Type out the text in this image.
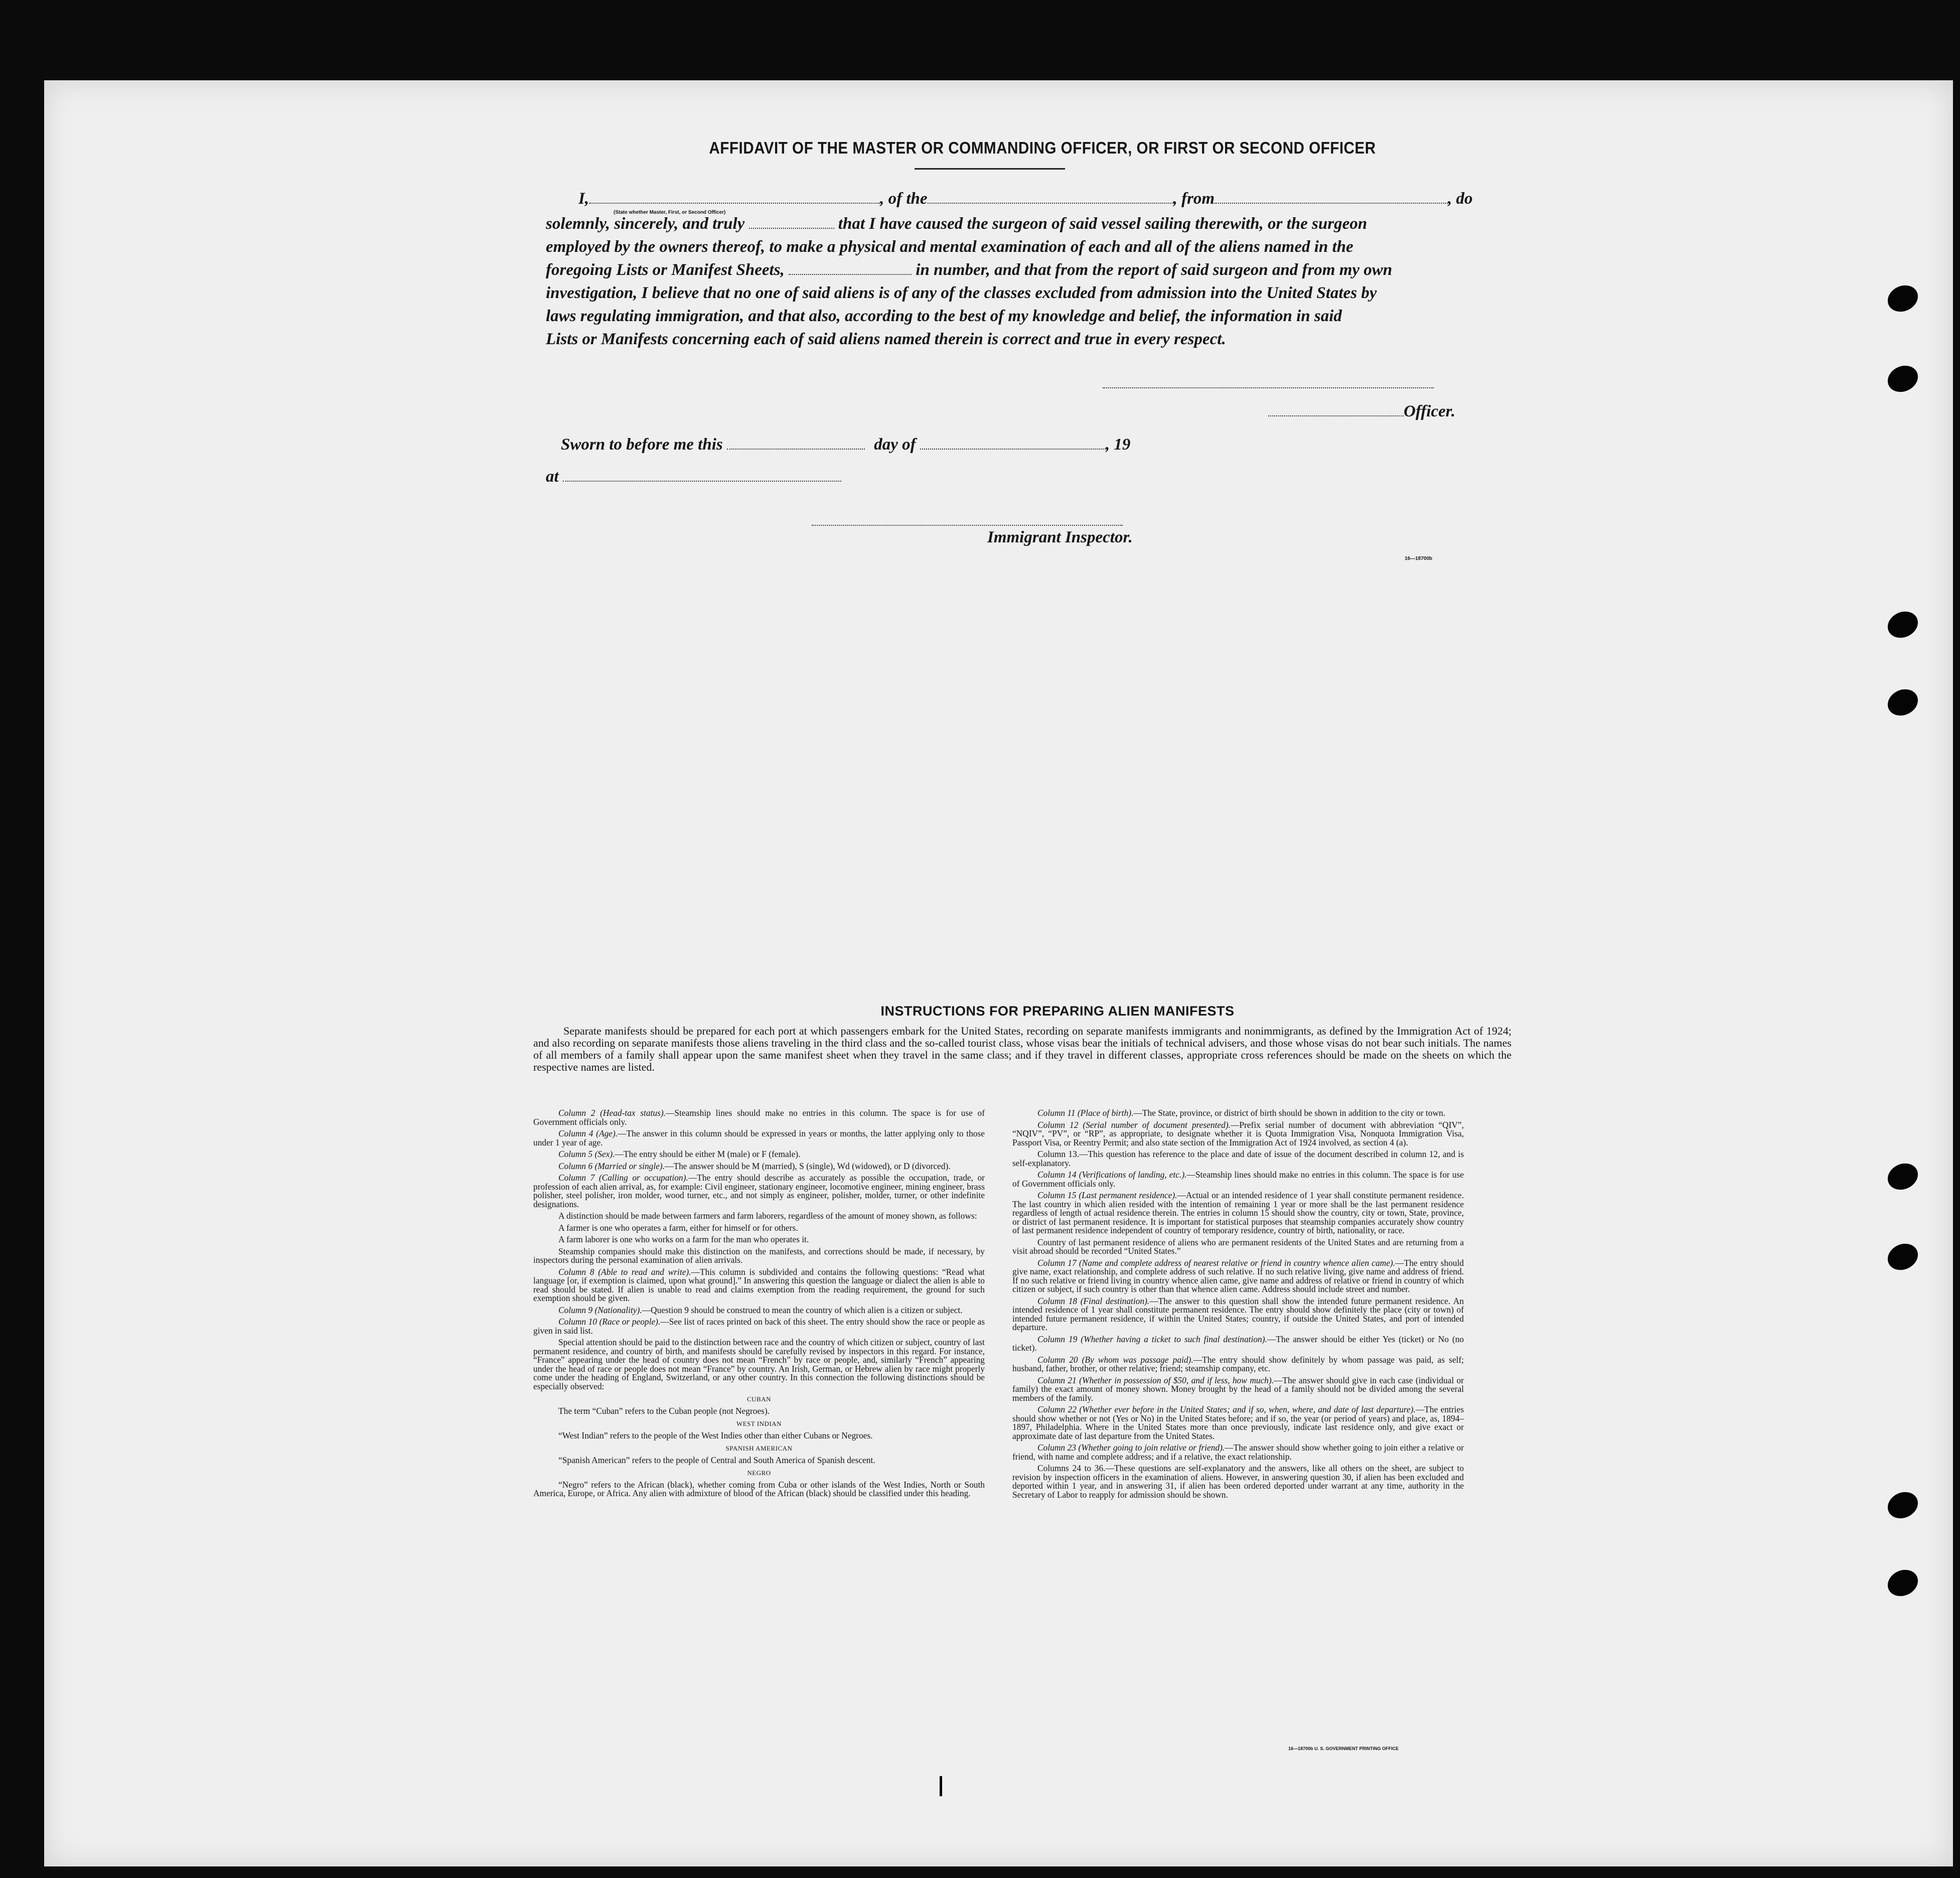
AFFIDAVIT OF THE MASTER OR COMMANDING OFFICER, OR FIRST OR SECOND OFFICER
I,	, of the	, from	, do
(State whether Master, First, or Second Officer)
solemnly, sincerely, and truly	that I have caused the surgeon of said vessel sailing therewith, or the surgeon
employed by the owners thereof, to make a physical and mental examination of each and all of the aliens named in the
foregoing Lists or Manifest Sheets,	in number, and that from the report of said surgeon and from my own
investigation, I believe that no one of said aliens is of any of the classes excluded from admission into the United States by
laws regulating immigration, and that also, according to the best of my knowledge and belief, the information in said
Lists or Manifests concerning each of said aliens named therein is correct and true in every respect.
Officer.
Sworn to before me this	day of	, 19
at
Immigrant Inspector.
16—18700b
INSTRUCTIONS FOR PREPARING ALIEN MANIFESTS
Separate manifests should be prepared for each port at which passengers embark for the United States, recording on separate manifests immigrants and nonimmigrants, as defined by the Immigration Act of 1924; and also recording on separate manifests those aliens traveling in the third class and the so-called tourist class, whose visas bear the initials of technical advisers, and those whose visas do not bear such initials. The names of all members of a family shall appear upon the same manifest sheet when they travel in the same class; and if they travel in different classes, appropriate cross references should be made on the sheets on which the respective names are listed.

Column 2 (Head-tax status).—Steamship lines should make no entries in this column. The space is for use of Government officials only.

Column 4 (Age).—The answer in this column should be expressed in years or months, the latter applying only to those under 1 year of age.

Column 5 (Sex).—The entry should be either M (male) or F (female).

Column 6 (Married or single).—The answer should be M (married), S (single), Wd (widowed), or D (divorced).

Column 7 (Calling or occupation).—The entry should describe as accurately as possible the occupation, trade, or profession of each alien arrival, as, for example: Civil engineer, stationary engineer, locomotive engineer, mining engineer, brass polisher, steel polisher, iron molder, wood turner, etc., and not simply as engineer, polisher, molder, turner, or other indefinite designations.

A distinction should be made between farmers and farm laborers, regardless of the amount of money shown, as follows:

A farmer is one who operates a farm, either for himself or for others.

A farm laborer is one who works on a farm for the man who operates it.

Steamship companies should make this distinction on the manifests, and corrections should be made, if necessary, by inspectors during the personal examination of alien arrivals.

Column 8 (Able to read and write).—This column is subdivided and contains the following questions: “Read what language [or, if exemption is claimed, upon what ground].” In answering this question the language or dialect the alien is able to read should be stated. If alien is unable to read and claims exemption from the reading requirement, the ground for such exemption should be given.

Column 9 (Nationality).—Question 9 should be construed to mean the country of which alien is a citizen or subject.

Column 10 (Race or people).—See list of races printed on back of this sheet. The entry should show the race or people as given in said list.

Special attention should be paid to the distinction between race and the country of which citizen or subject, country of last permanent residence, and country of birth, and manifests should be carefully revised by inspectors in this regard. For instance, “France” appearing under the head of country does not mean “French” by race or people, and, similarly “French” appearing under the head of race or people does not mean “France” by country. An Irish, German, or Hebrew alien by race might properly come under the heading of England, Switzerland, or any other country. In this connection the following distinctions should be especially observed:

CUBAN

The term “Cuban” refers to the Cuban people (not Negroes).

WEST INDIAN

“West Indian” refers to the people of the West Indies other than either Cubans or Negroes.

SPANISH AMERICAN

“Spanish American” refers to the people of Central and South America of Spanish descent.

NEGRO

“Negro” refers to the African (black), whether coming from Cuba or other islands of the West Indies, North or South America, Europe, or Africa. Any alien with admixture of blood of the African (black) should be classified under this heading.

Column 11 (Place of birth).—The State, province, or district of birth should be shown in addition to the city or town.

Column 12 (Serial number of document presented).—Prefix serial number of document with abbreviation “QIV”, “NQIV”, “PV”, or “RP”, as appropriate, to designate whether it is Quota Immigration Visa, Nonquota Immigration Visa, Passport Visa, or Reentry Permit; and also state section of the Immigration Act of 1924 involved, as section 4 (a).

Column 13.—This question has reference to the place and date of issue of the document described in column 12, and is self-explanatory.

Column 14 (Verifications of landing, etc.).—Steamship lines should make no entries in this column. The space is for use of Government officials only.

Column 15 (Last permanent residence).—Actual or an intended residence of 1 year shall constitute permanent residence. The last country in which alien resided with the intention of remaining 1 year or more shall be the last permanent residence regardless of length of actual residence therein. The entries in column 15 should show the country, city or town, State, province, or district of last permanent residence. It is important for statistical purposes that steamship companies accurately show country of last permanent residence independent of country of temporary residence, country of birth, nationality, or race.

Country of last permanent residence of aliens who are permanent residents of the United States and are returning from a visit abroad should be recorded “United States.”

Column 17 (Name and complete address of nearest relative or friend in country whence alien came).—The entry should give name, exact relationship, and complete address of such relative. If no such relative living, give name and address of friend. If no such relative or friend living in country whence alien came, give name and address of relative or friend in country of which citizen or subject, if such country is other than that whence alien came. Address should include street and number.

Column 18 (Final destination).—The answer to this question shall show the intended future permanent residence. An intended residence of 1 year shall constitute permanent residence. The entry should show definitely the place (city or town) of intended future permanent residence, if within the United States; country, if outside the United States, and port of intended departure.

Column 19 (Whether having a ticket to such final destination).—The answer should be either Yes (ticket) or No (no ticket).

Column 20 (By whom was passage paid).—The entry should show definitely by whom passage was paid, as self; husband, father, brother, or other relative; friend; steamship company, etc.

Column 21 (Whether in possession of $50, and if less, how much).—The answer should give in each case (individual or family) the exact amount of money shown. Money brought by the head of a family should not be divided among the several members of the family.

Column 22 (Whether ever before in the United States; and if so, when, where, and date of last departure).—The entries should show whether or not (Yes or No) in the United States before; and if so, the year (or period of years) and place, as, 1894–1897, Philadelphia. Where in the United States more than once previously, indicate last residence only, and give exact or approximate date of last departure from the United States.

Column 23 (Whether going to join relative or friend).—The answer should show whether going to join either a relative or friend, with name and complete address; and if a relative, the exact relationship.

Columns 24 to 36.—These questions are self-explanatory and the answers, like all others on the sheet, are subject to revision by inspection officers in the examination of aliens. However, in answering question 30, if alien has been excluded and deported within 1 year, and in answering 31, if alien has been ordered deported under warrant at any time, authority in the Secretary of Labor to reapply for admission should be shown.

16—18700b U. S. GOVERNMENT PRINTING OFFICE
